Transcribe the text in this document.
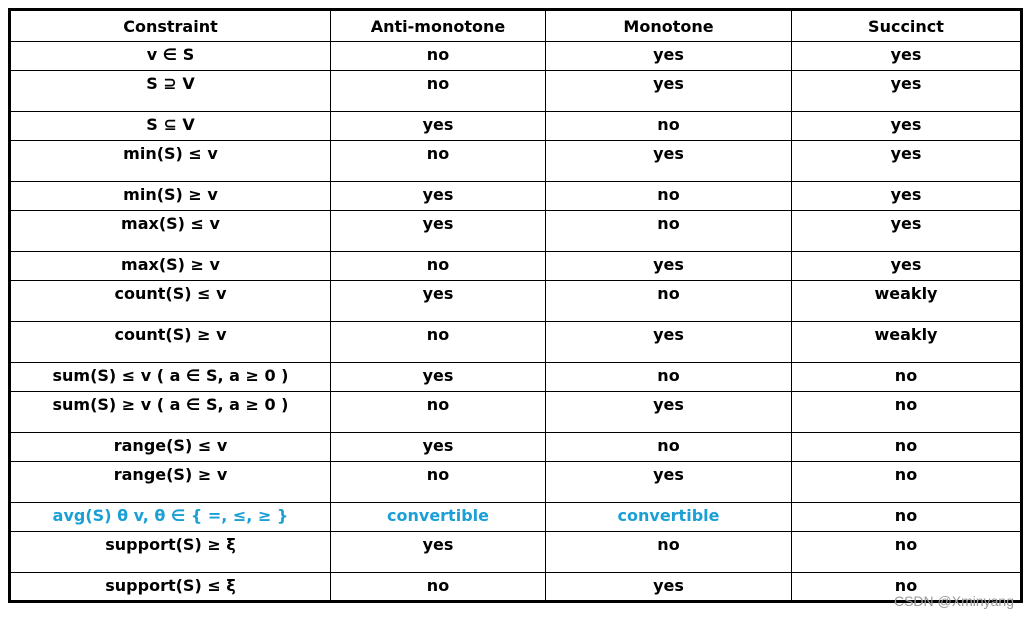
Constraint	Anti-monotone	Monotone	Succinct
v ∈ S	no	yes	yes
S ⊇ V	no	yes	yes
S ⊆ V	yes	no	yes
min(S) ≤ v	no	yes	yes
min(S) ≥ v	yes	no	yes
max(S) ≤ v	yes	no	yes
max(S) ≥ v	no	yes	yes
count(S) ≤ v	yes	no	weakly
count(S) ≥ v	no	yes	weakly
sum(S) ≤ v ( a ∈ S, a ≥ 0 )	yes	no	no
sum(S) ≥ v ( a ∈ S, a ≥ 0 )	no	yes	no
range(S) ≤ v	yes	no	no
range(S) ≥ v	no	yes	no
avg(S) θ v, θ ∈ { =, ≤, ≥ }	convertible	convertible	no
support(S) ≥ ξ	yes	no	no
support(S) ≤ ξ	no	yes	no
CSDN @Xminyang
